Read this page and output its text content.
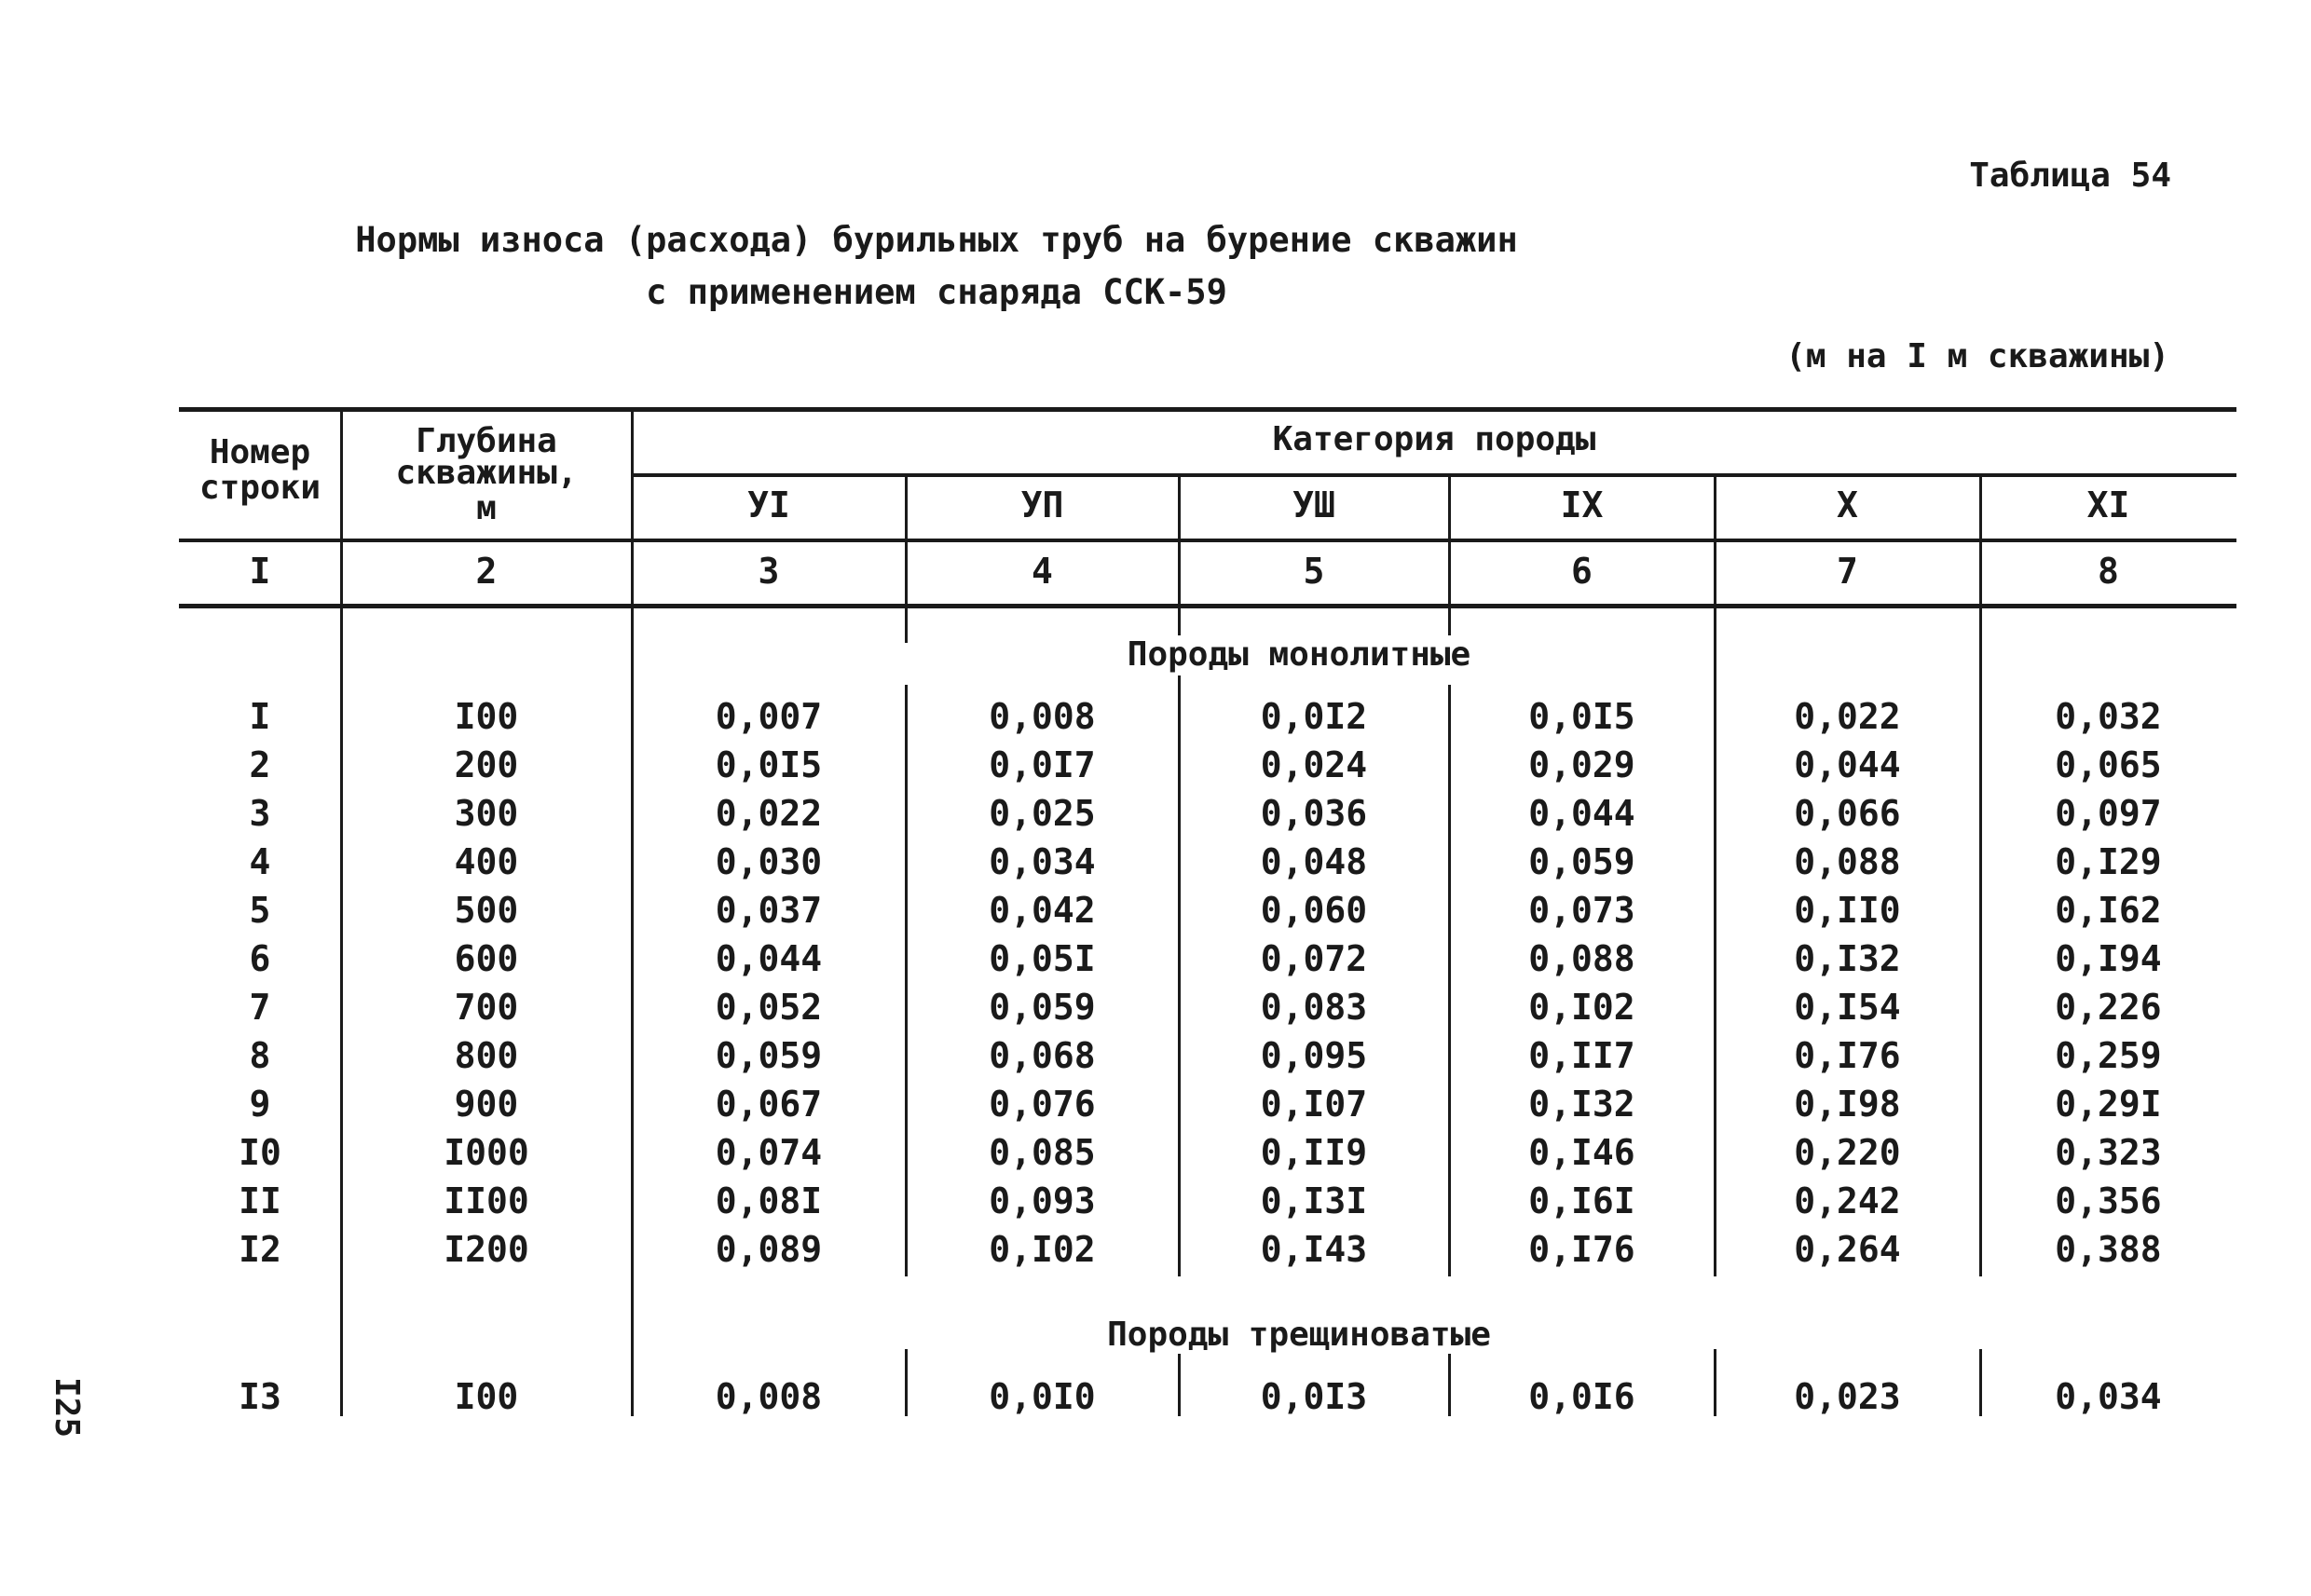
Таблица 54
Нормы износа (расхода) бурильных труб на бурение скважин
с применением снаряда ССК-59
(м на I м скважины)
I25
Номер
строки
Глубина
скважины,
м
Категория породы
УI	УП	УШ	IX	X	XI
I	2	3	4	5	6	7	8
Породы монолитные
I	I00	0,007	0,008	0,0I2	0,0I5	0,022	0,032
2	200	0,0I5	0,0I7	0,024	0,029	0,044	0,065
3	300	0,022	0,025	0,036	0,044	0,066	0,097
4	400	0,030	0,034	0,048	0,059	0,088	0,I29
5	500	0,037	0,042	0,060	0,073	0,II0	0,I62
6	600	0,044	0,05I	0,072	0,088	0,I32	0,I94
7	700	0,052	0,059	0,083	0,I02	0,I54	0,226
8	800	0,059	0,068	0,095	0,II7	0,I76	0,259
9	900	0,067	0,076	0,I07	0,I32	0,I98	0,29I
I0	I000	0,074	0,085	0,II9	0,I46	0,220	0,323
II	II00	0,08I	0,093	0,I3I	0,I6I	0,242	0,356
I2	I200	0,089	0,I02	0,I43	0,I76	0,264	0,388
Породы трещиноватые
I3	I00	0,008	0,0I0	0,0I3	0,0I6	0,023	0,034
